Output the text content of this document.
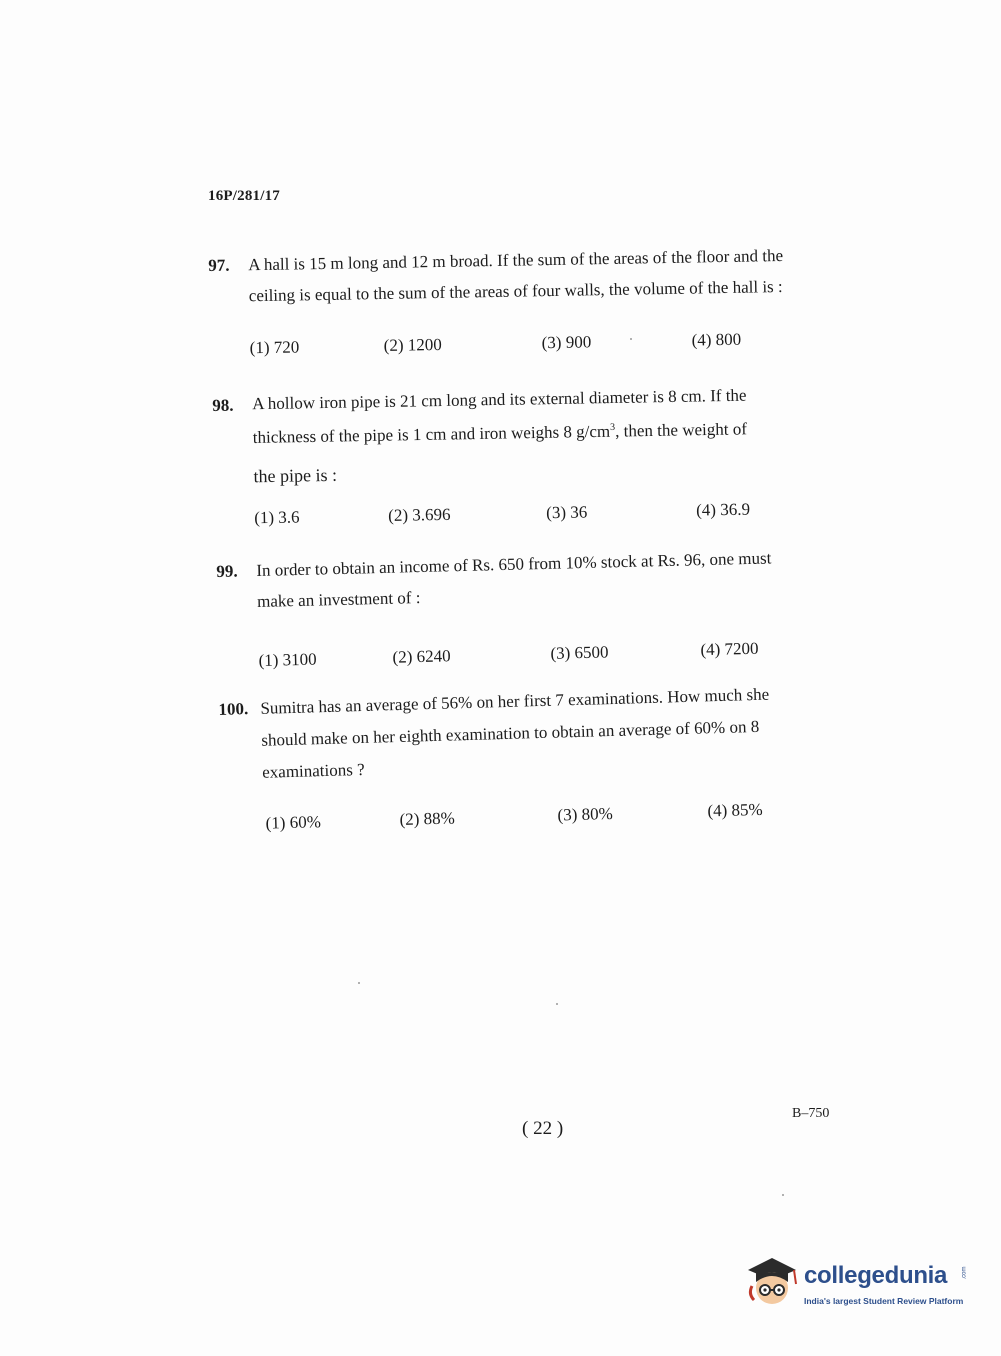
16P/281/17
97. A hall is 15 m long and 12 m broad. If the sum of the areas of the floor and the
ceiling is equal to the sum of the areas of four walls, the volume of the hall is :
(1) 720	(2) 1200	(3) 900	(4) 800
98. A hollow iron pipe is 21 cm long and its external diameter is 8 cm. If the
thickness of the pipe is 1 cm and iron weighs 8 $g/cm^3$, then the weight of
the pipe is :
(1) 3.6	(2) 3.696	(3) 36	(4) 36.9
99. In order to obtain an income of Rs. 650 from 10% stock at Rs. 96, one must
make an investment of :
(1) 3100	(2) 6240	(3) 6500	(4) 7200
100. Sumitra has an average of 56% on her first 7 examinations. How much she
should make on her eighth examination to obtain an average of 60% on 8
examinations ?
(1) 60%	(2) 88%	(3) 80%	(4) 85%
( 22 )
B–750
collegedunia .com
India's largest Student Review Platform
